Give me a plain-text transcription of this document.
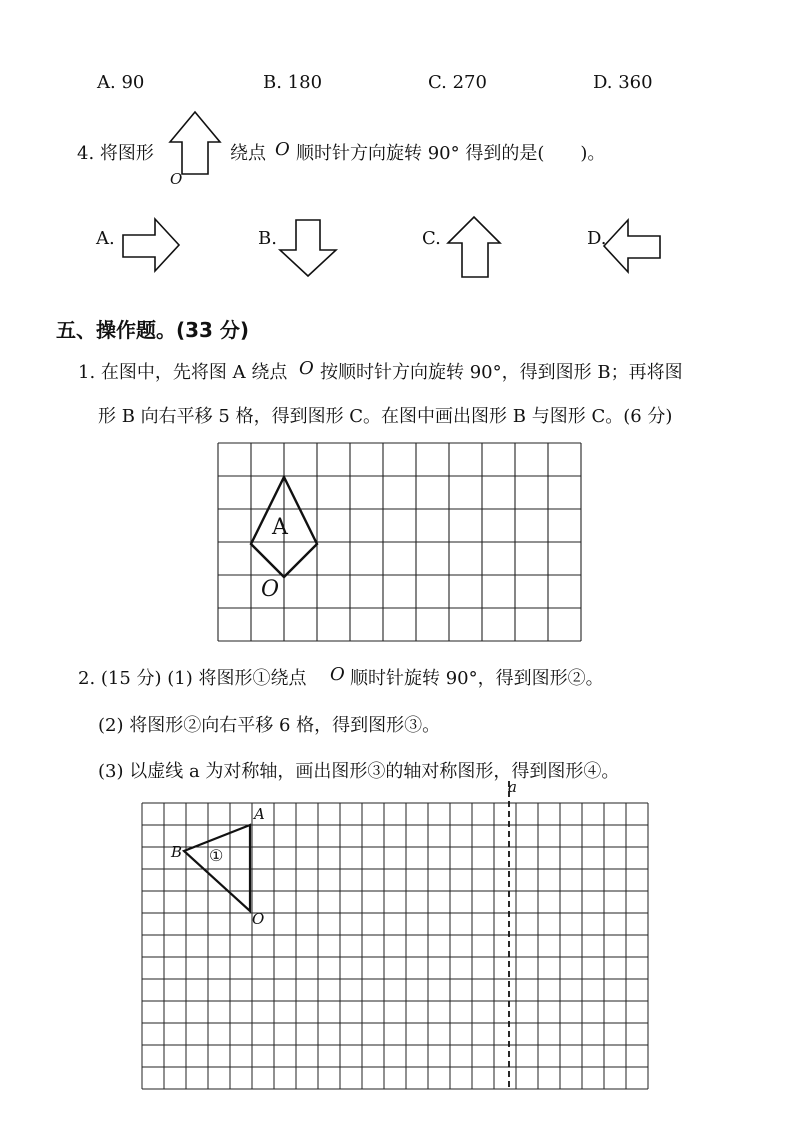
A. 90	B. 180	C. 270	D. 360
4. 将图形
O
绕点 O 顺时针方向旋转 90° 得到的是(　　)。
A.	B.	C.	D.
五、操作题。(33 分)
1. 在图中，先将图 A 绕点 O 按顺时针方向旋转 90°，得到图形 B；再将图
形 B 向右平移 5 格，得到图形 C。在图中画出图形 B 与图形 C。(6 分)
A
O
2. (15 分) (1) 将图形①绕点 O 顺时针旋转 90°，得到图形②。
(2) 将图形②向右平移 6 格，得到图形③。
(3) 以虚线 a 为对称轴，画出图形③的轴对称图形，得到图形④。
a
A
B
O
①
